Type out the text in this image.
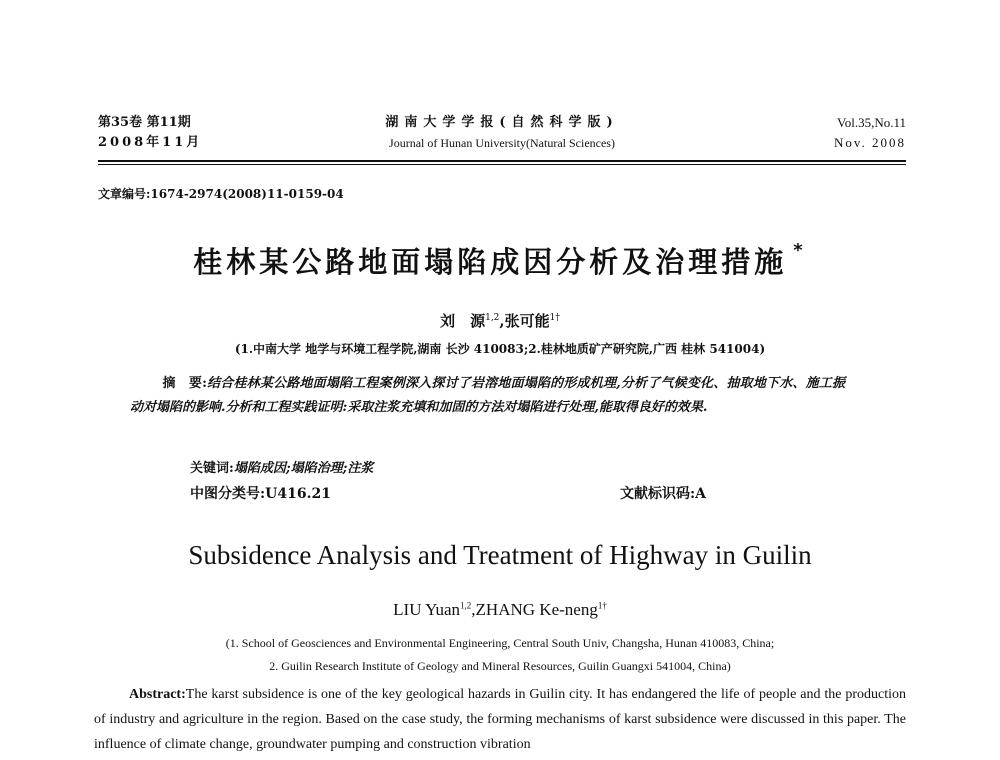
第35卷 第11期
2008年11月
湖南大学学报(自然科学版)
Journal of Hunan University(Natural Sciences)
Vol.35,No.11
Nov. 2008
文章编号:1674-2974(2008)11-0159-04
桂林某公路地面塌陷成因分析及治理措施 *
刘　源$^{1,2}$,张可能$^{1\dagger}$
(1.中南大学 地学与环境工程学院,湖南 长沙 410083;2.桂林地质矿产研究院,广西 桂林 541004)
摘　要:结合桂林某公路地面塌陷工程案例深入探讨了岩溶地面塌陷的形成机理,分析了气候变化、抽取地下水、施工振动对塌陷的影响.分析和工程实践证明:采取注浆充填和加固的方法对塌陷进行处理,能取得良好的效果.
关键词:塌陷成因;塌陷治理;注浆
中图分类号:U416.21	文献标识码:A
Subsidence Analysis and Treatment of Highway in Guilin
LIU Yuan$^{1,2}$,ZHANG Ke-neng$^{1\dagger}$
(1. School of Geosciences and Environmental Engineering, Central South Univ, Changsha, Hunan 410083, China;
2. Guilin Research Institute of Geology and Mineral Resources, Guilin Guangxi 541004, China)
Abstract:The karst subsidence is one of the key geological hazards in Guilin city. It has endangered the life of people and the production of industry and agriculture in the region. Based on the case study, the forming mechanisms of karst subsidence were discussed in this paper. The influence of climate change, groundwater pumping and construction vibration
